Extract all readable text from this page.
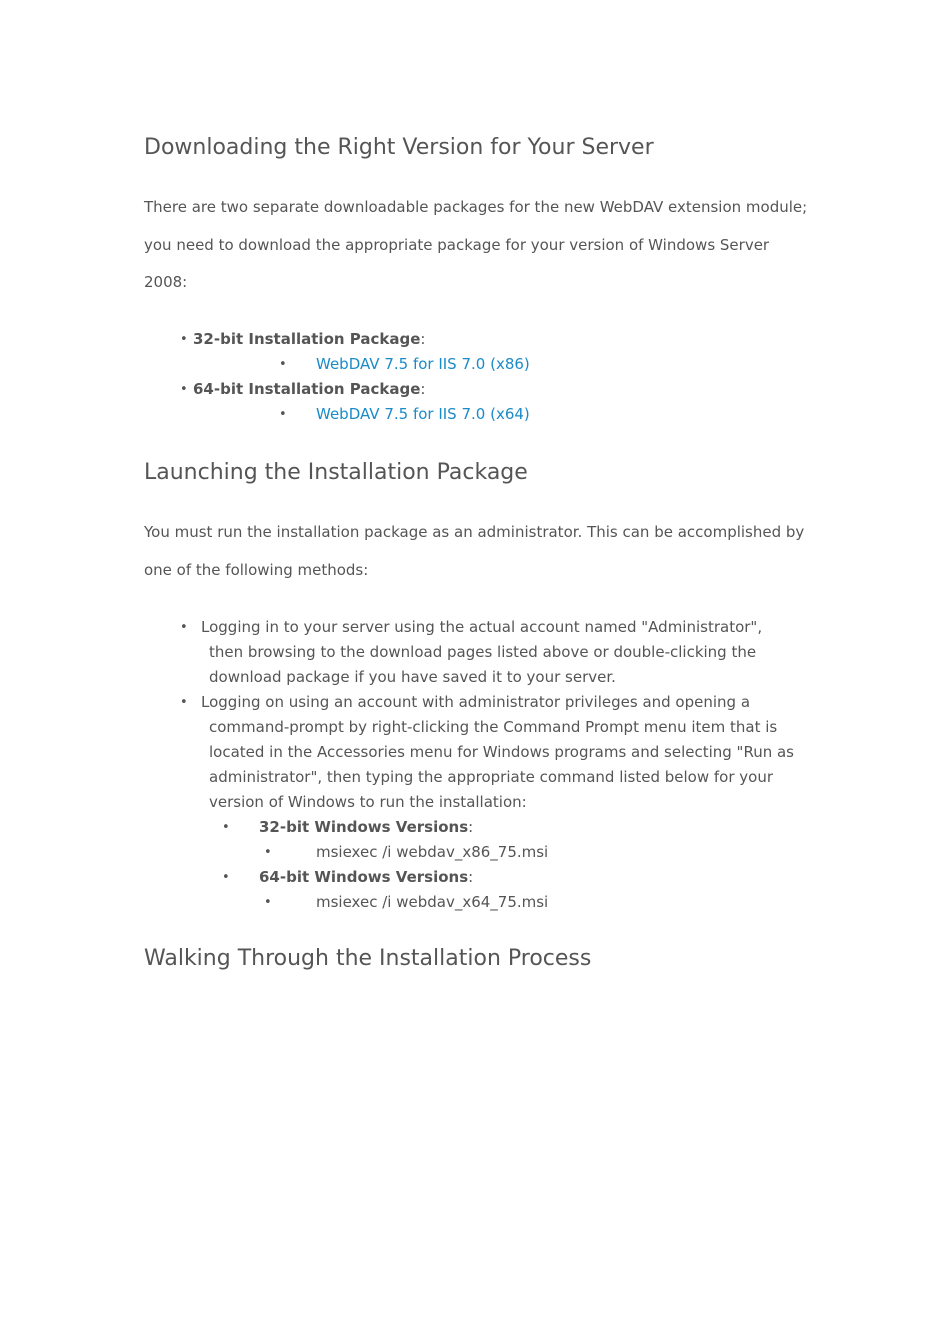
Downloading the Right Version for Your Server

There are two separate downloadable packages for the new WebDAV extension module; you need to download the appropriate package for your version of Windows Server 2008:

• 32-bit Installation Package:
• WebDAV 7.5 for IIS 7.0 (x86)
• 64-bit Installation Package:
• WebDAV 7.5 for IIS 7.0 (x64)
Launching the Installation Package

You must run the installation package as an administrator. This can be accomplished by one of the following methods:

• Logging in to your server using the actual account named "Administrator",
then browsing to the download pages listed above or double-clicking the download package if you have saved it to your server.
• Logging on using an account with administrator privileges and opening a
command-prompt by right-clicking the Command Prompt menu item that is located in the Accessories menu for Windows programs and selecting "Run as administrator", then typing the appropriate command listed below for your version of Windows to run the installation:
• 32-bit Windows Versions:
•	msiexec /i webdav_x86_75.msi
• 64-bit Windows Versions:
•	msiexec /i webdav_x64_75.msi
Walking Through the Installation Process
